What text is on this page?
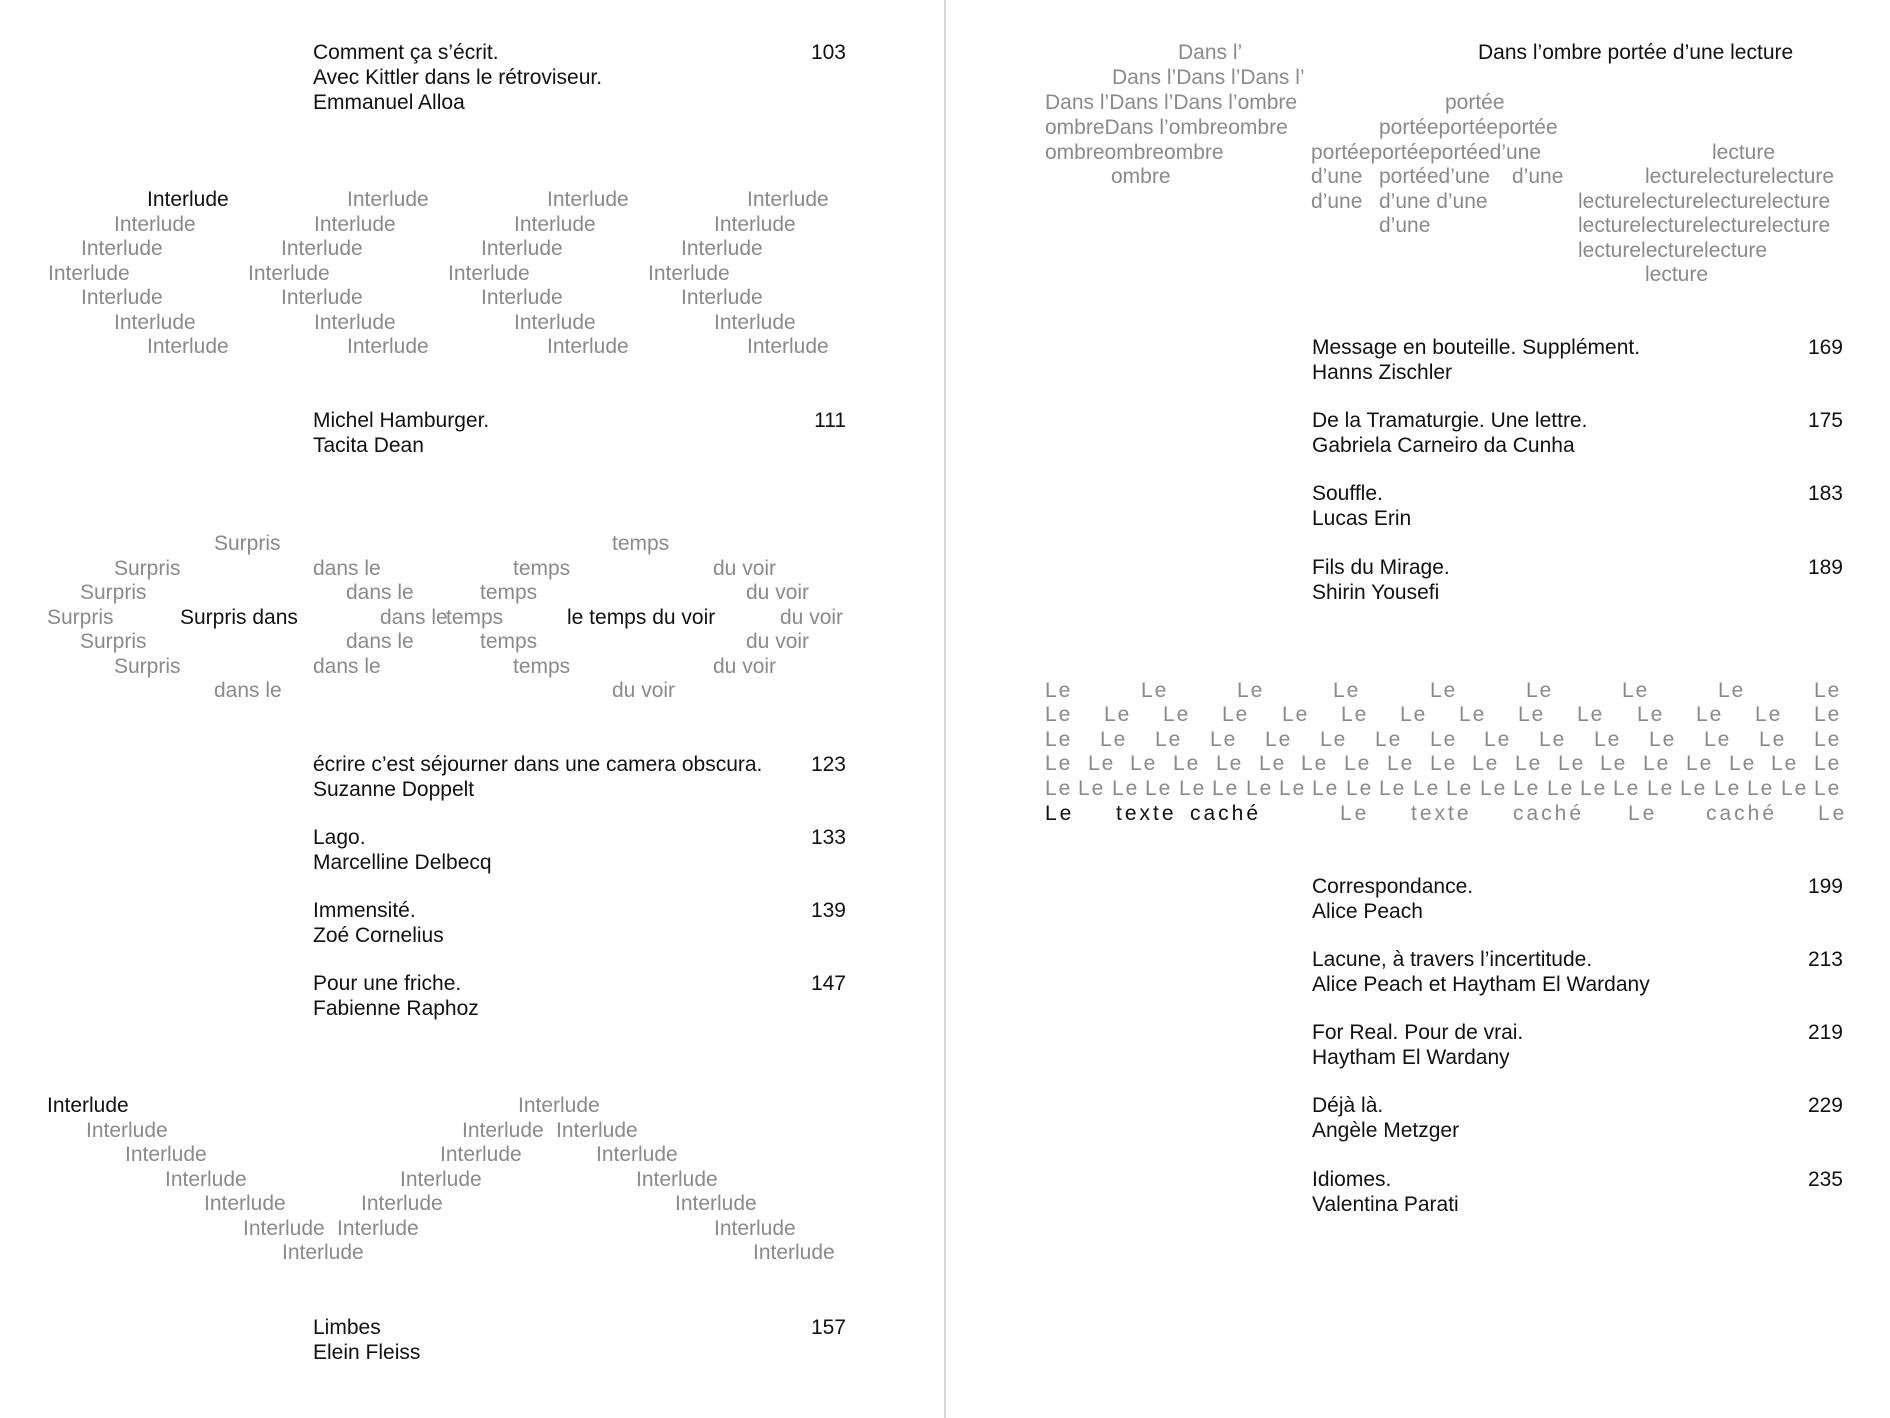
Comment ça s’écrit.
Avec Kittler dans le rétroviseur.
Emmanuel Alloa
103
Interlude	Interlude	Interlude	Interlude
Interlude	Interlude	Interlude	Interlude
Interlude	Interlude	Interlude	Interlude
Interlude	Interlude	Interlude	Interlude
Interlude	Interlude	Interlude	Interlude
Interlude	Interlude	Interlude	Interlude
Interlude	Interlude	Interlude	Interlude
Michel Hamburger.
Tacita Dean
111
Surpris	temps
Surpris	dans le	temps	du voir
Surpris	dans le	temps	du voir
Surpris	Surpris dans	dans le
temps	le temps du voir	du voir
Surpris	dans le	temps	du voir
Surpris	dans le	temps	du voir
dans le	du voir
écrire c’est séjourner dans une camera obscura.
Suzanne Doppelt
123
Lago.
Marcelline Delbecq
133
Immensité.
Zoé Cornelius
139
Pour une friche.
Fabienne Raphoz
147
Interlude
Interlude
Interlude
Interlude
Interlude
Interlude
Interlude
Interlude
Interlude
Interlude
Interlude
Interlude
Interlude
Interlude
Interlude
Interlude
Interlude
Interlude
Interlude
Limbes
Elein Fleiss
157
Dans l’ombre portée d’une lecture
Dans l’
Dans l’Dans l’Dans l’
Dans l’Dans l’Dans l’ombre
ombreDans l’ombreombre
ombreombreombre
ombre
portée
portéeportéeportée
portéeportéeportéed’une
d’une portéed’une d’une
d’une d’une d’une
d’une
lecture
lecturelecturelecture
lecturelecturelecturelecture
lecturelecturelecturelecture
lecturelecturelecture
lecture
Message en bouteille. Supplément.
Hanns Zischler
169
De la Tramaturgie. Une lettre.
Gabriela Carneiro da Cunha
175
Souffle.
Lucas Erin
183
Fils du Mirage.
Shirin Yousefi
189
Le	Le	Le	Le	Le	Le	Le	Le	Le
Le Le Le Le Le Le Le Le Le Le Le Le Le Le
Le Le Le Le Le Le Le Le Le Le Le Le Le Le Le
Le Le Le Le Le Le Le Le Le Le Le Le Le Le Le Le Le Le Le
Le Le Le Le Le Le Le Le Le Le Le Le Le Le Le Le Le Le Le Le Le Le Le Le
Le texte caché	Le texte caché Le caché Le
Correspondance.
Alice Peach
199
Lacune, à travers l’incertitude.
Alice Peach et Haytham El Wardany
213
For Real. Pour de vrai.
Haytham El Wardany
219
Déjà là.
Angèle Metzger
229
Idiomes.
Valentina Parati
235
